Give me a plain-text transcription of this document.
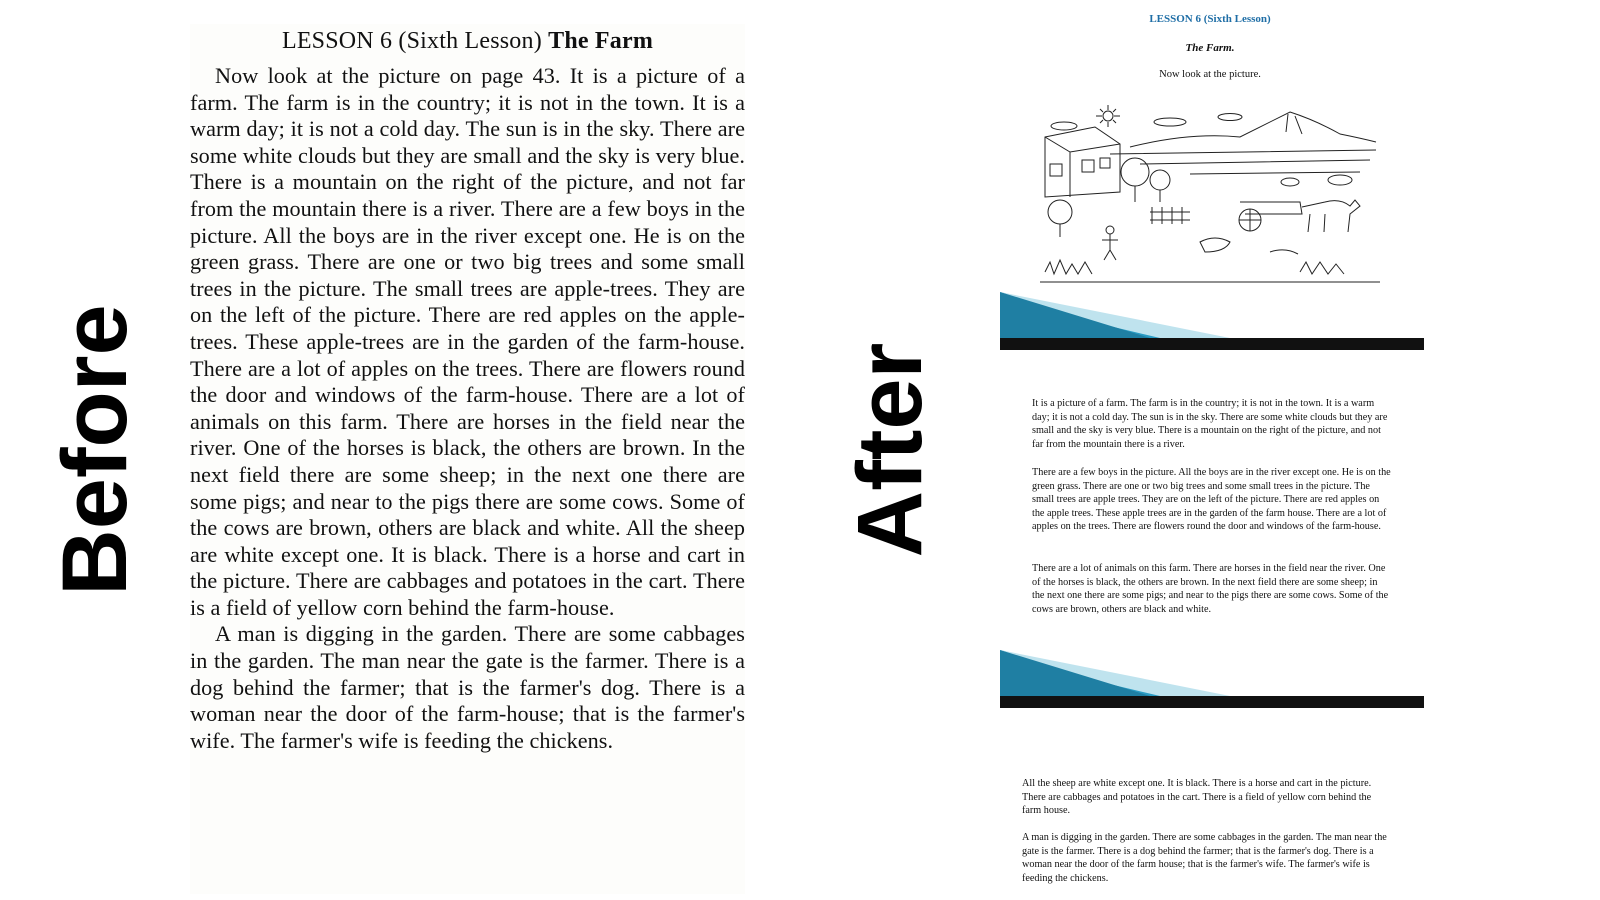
Before	After
LESSON 6 (Sixth Lesson) The Farm

Now look at the picture on page 43. It is a picture of a farm. The farm is in the country; it is not in the town. It is a warm day; it is not a cold day. The sun is in the sky. There are some white clouds but they are small and the sky is very blue. There is a mountain on the right of the picture, and not far from the mountain there is a river. There are a few boys in the picture. All the boys are in the river except one. He is on the green grass. There are one or two big trees and some small trees in the picture. The small trees are apple-trees. They are on the left of the picture. There are red apples on the apple-trees. These apple-trees are in the garden of the farm-house. There are a lot of apples on the trees. There are flowers round the door and windows of the farm-house. There are a lot of animals on this farm. There are horses in the field near the river. One of the horses is black, the others are brown. In the next field there are some sheep; in the next one there are some pigs; and near to the pigs there are some cows. Some of the cows are brown, others are black and white. All the sheep are white except one. It is black. There is a horse and cart in the picture. There are cabbages and potatoes in the cart. There is a field of yellow corn behind the farm-house.

A man is digging in the garden. There are some cabbages in the garden. The man near the gate is the farmer. There is a dog behind the farmer; that is the farmer's dog. There is a woman near the door of the farm-house; that is the farmer's wife. The farmer's wife is feeding the chickens.

LESSON 6 (Sixth Lesson)
The Farm.
Now look at the picture.

It is a picture of a farm. The farm is in the country; it is not in the town. It is a warm day; it is not a cold day. The sun is in the sky. There are some white clouds but they are small and the sky is very blue. There is a mountain on the right of the picture, and not far from the mountain there is a river.

There are a few boys in the picture. All the boys are in the river except one. He is on the green grass. There are one or two big trees and some small trees in the picture. The small trees are apple trees. They are on the left of the picture. There are red apples on the apple trees. These apple trees are in the garden of the farm house. There are a lot of apples on the trees. There are flowers round the door and windows of the farm-house.

There are a lot of animals on this farm. There are horses in the field near the river. One of the horses is black, the others are brown. In the next field there are some sheep; in the next one there are some pigs; and near to the pigs there are some cows. Some of the cows are brown, others are black and white.

All the sheep are white except one. It is black. There is a horse and cart in the picture. There are cabbages and potatoes in the cart. There is a field of yellow corn behind the farm house.

A man is digging in the garden. There are some cabbages in the garden. The man near the gate is the farmer. There is a dog behind the farmer; that is the farmer's dog. There is a woman near the door of the farm house; that is the farmer's wife. The farmer's wife is feeding the chickens.
